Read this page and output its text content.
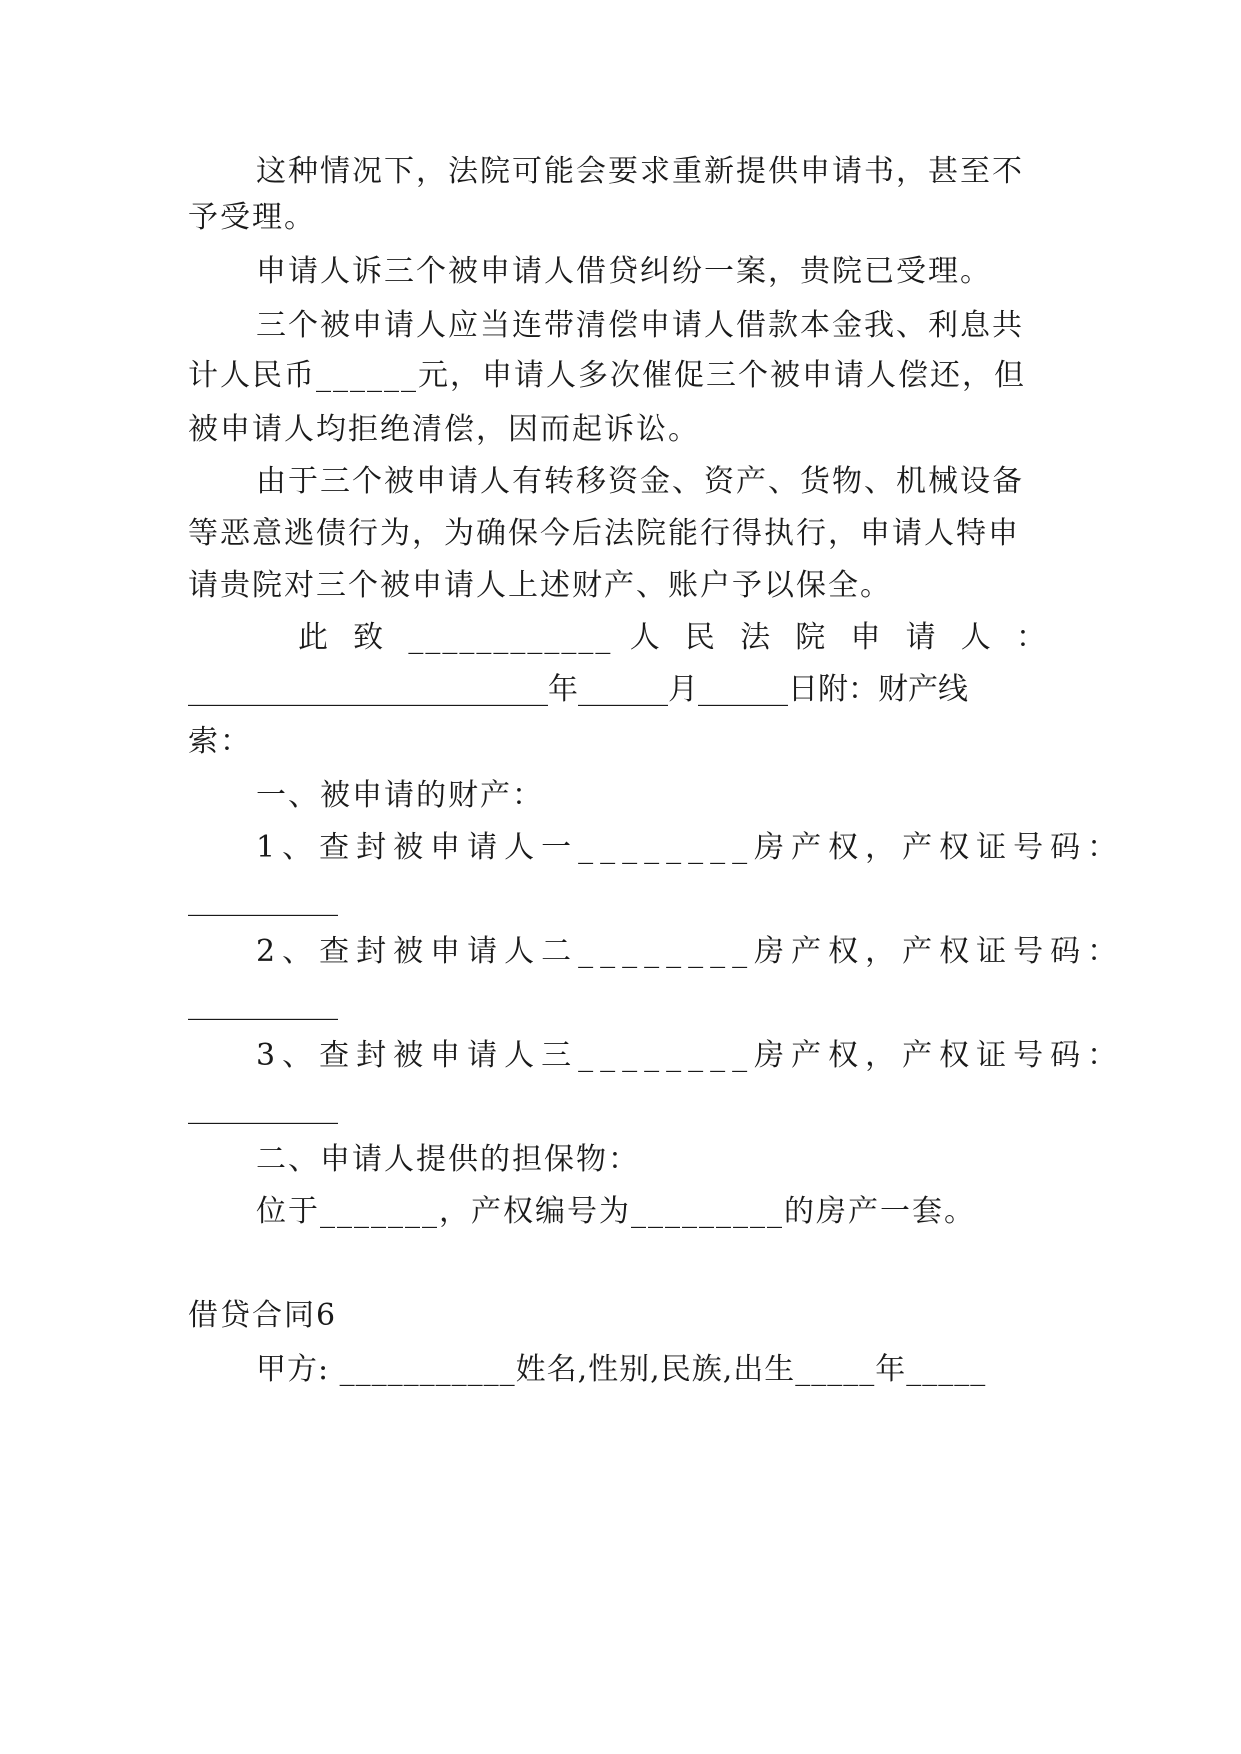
这种情况下，法院可能会要求重新提供申请书，甚至不
予受理。
申请人诉三个被申请人借贷纠纷一案，贵院已受理。
三个被申请人应当连带清偿申请人借款本金我、利息共
计人民币______元，申请人多次催促三个被申请人偿还，但
被申请人均拒绝清偿，因而起诉讼。
由于三个被申请人有转移资金、资产、货物、机械设备
等恶意逃债行为，为确保今后法院能行得执行，申请人特申
请贵院对三个被申请人上述财产、账户予以保全。
此 致 ____________ 人 民 法 院 申 请 人 ：
________________________年______月______日附：财产线
索：
一、被申请的财产：
1、查封被申请人一________房产权，产权证号码：
__________
2、查封被申请人二________房产权，产权证号码：
__________
3、查封被申请人三________房产权，产权证号码：
__________
二、申请人提供的担保物：
位于_______，产权编号为_________的房产一套。
借贷合同6
甲方: ___________姓名,性别,民族,出生_____年_____
